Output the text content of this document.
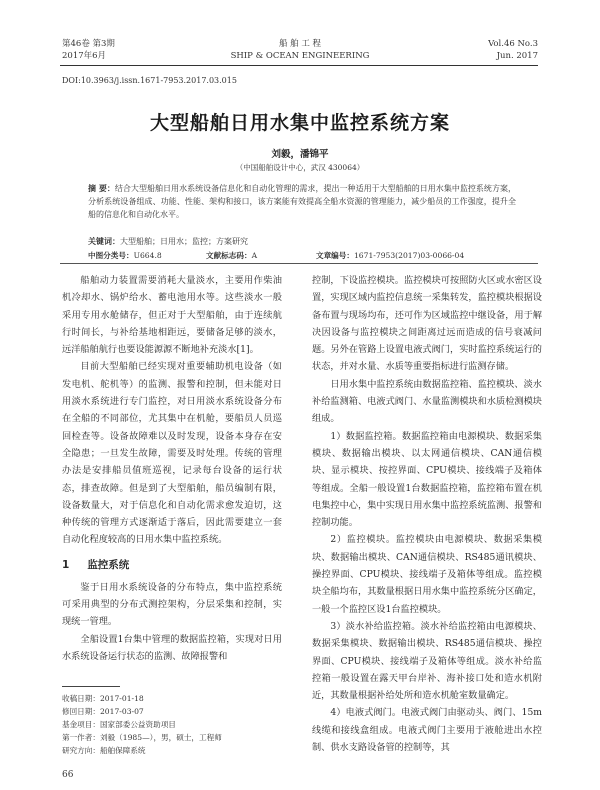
第46卷 第3期
2017年6月
船 舶 工 程
SHIP & OCEAN ENGINEERING
Vol.46 No.3
Jun. 2017
DOI:10.3963/j.issn.1671-7953.2017.03.015
大型船舶日用水集中监控系统方案
刘毅，潘锦平
（中国船舶设计中心，武汉 430064）
摘 要：结合大型船舶日用水系统设备信息化和自动化管理的需求，提出一种适用于大型船舶的日用水集中监控系统方案，分析系统设备组成、功能、性能、架构和接口，该方案能有效提高全船水资源的管理能力，减少船员的工作强度，提升全船的信息化和自动化水平。
关键词：大型船舶；日用水；监控；方案研究
中图分类号：U664.8	文献标志码：A	文章编号：1671-7953(2017)03-0066-04

船舶动力装置需要消耗大量淡水，主要用作柴油机冷却水、锅炉给水、蓄电池用水等。这些淡水一般采用专用水舱储存，但正对于大型船舶，由于连续航行时间长，与补给基地相距远，要储备足够的淡水，远洋船舶航行也要设能源源不断地补充淡水[1]。

目前大型船舶已经实现对重要辅助机电设备（如发电机、舵机等）的监测、报警和控制，但未能对日用淡水系统进行专门监控，对日用淡水系统设备分布在全船的不同部位，尤其集中在机舱，要船员人员巡回检查等。设备故障难以及时发现，设备本身存在安全隐患；一旦发生故障，需要及时处理。传统的管理办法是安排船员值班巡视，记录每台设备的运行状态，排查故障。但是到了大型船舶，船员编制有限，设备数量大，对于信息化和自动化需求愈发迫切，这种传统的管理方式逐渐适于落后，因此需要建立一套自动化程度较高的日用水集中监控系统。

1 监控系统

鉴于日用水系统设备的分布特点，集中监控系统可采用典型的分布式测控架构，分层采集和控制，实现统一管理。

全船设置1台集中管理的数据监控箱，实现对日用水系统设备运行状态的监测、故障报警和

控制，下设监控模块。监控模块可按照防火区或水密区设置，实现区域内监控信息统一采集转发，监控模块根据设备布置与现场均布，还可作为区域监控中继设备，用于解决因设备与监控模块之间距离过远而造成的信号衰减问题。另外在管路上设置电液式阀门，实时监控系统运行的状态，并对水量、水质等重要指标进行监测存储。

日用水集中监控系统由数据监控箱、监控模块、淡水补给监测箱、电液式阀门、水量监测模块和水质检测模块组成。

1）数据监控箱。数据监控箱由电源模块、数据采集模块、数据输出模块、以太网通信模块、CAN通信模块、显示模块、按控界面、CPU模块、接线端子及箱体等组成。全船一般设置1台数据监控箱，监控箱布置在机电集控中心，集中实现日用水集中监控系统监测、报警和控制功能。

2）监控模块。监控模块由电源模块、数据采集模块、数据输出模块、CAN通信模块、RS485通讯模块、操控界面、CPU模块、接线端子及箱体等组成。监控模块全船均布，其数量根据日用水集中监控系统分区确定，一般一个监控区设1台监控模块。

3）淡水补给监控箱。淡水补给监控箱由电源模块、数据采集模块、数据输出模块、RS485通信模块、操控界面、CPU模块、接线端子及箱体等组成。淡水补给监控箱一般设置在露天甲台岸补、海补接口处和造水机附近，其数量根据补给处所和造水机舱室数量确定。

4）电液式阀门。电液式阀门由驱动头、阀门、15m线缆和接线盒组成。电液式阀门主要用于液舱进出水控制、供水支路设备管的控制等，其

收稿日期：2017-01-18
修回日期：2017-03-07
基金项目：国家部委公益资助项目
第一作者：刘毅（1985—），男，硕士，工程师
研究方向：船舶保障系统
66
